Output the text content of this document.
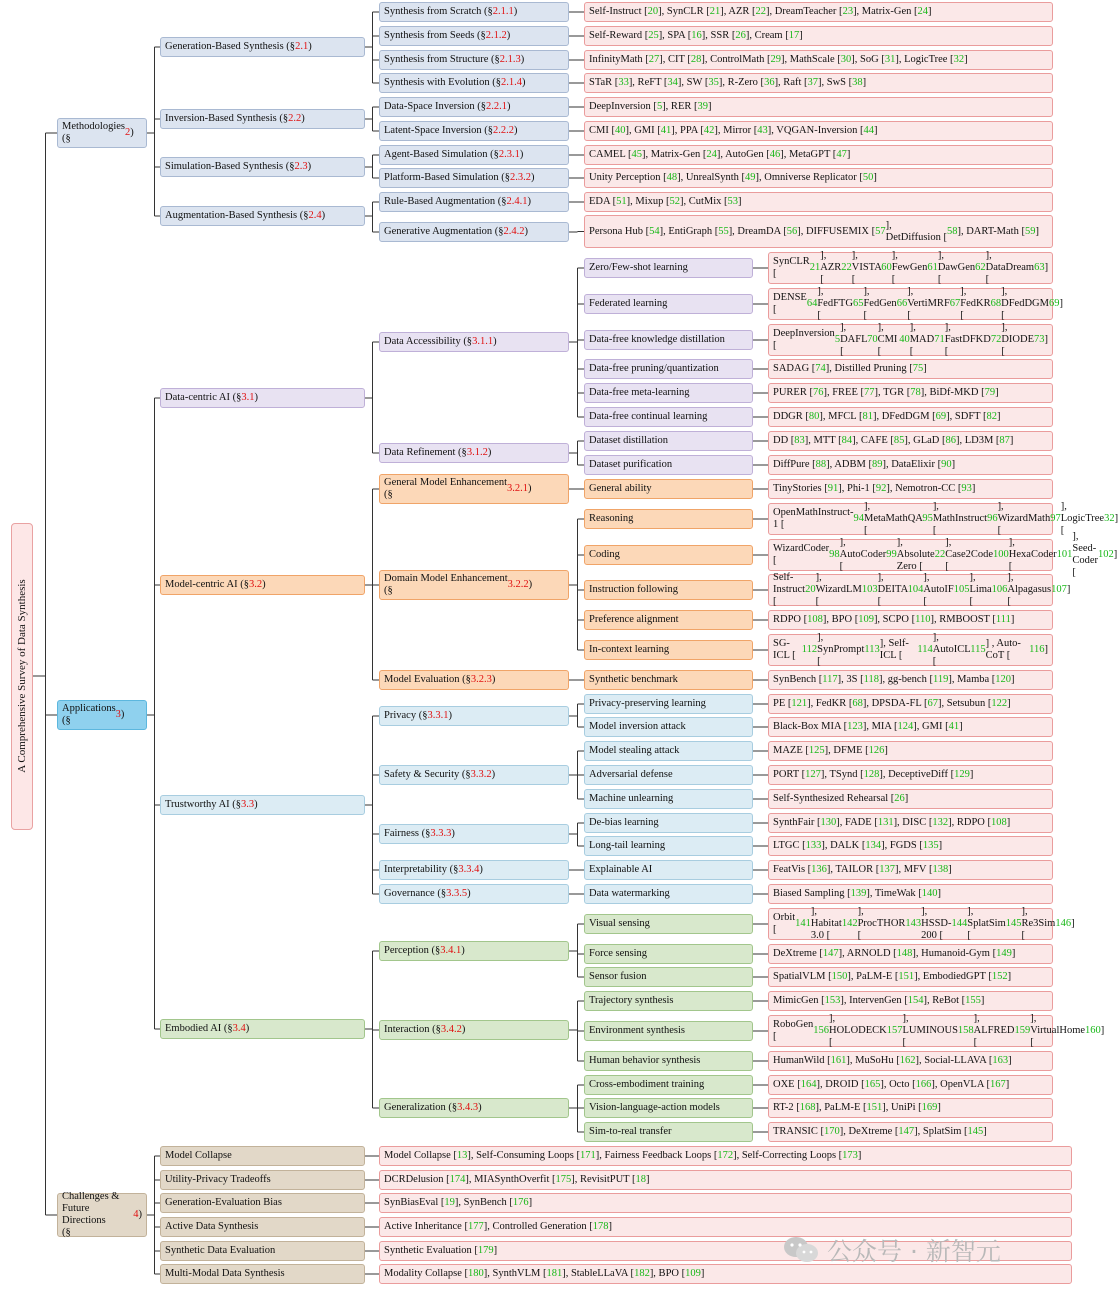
A Comprehensive Survey of Data Synthesis
Methodologies
(§
2 )
Applications
(§
3 )
Challenges &
Future Directions
(§
4 )
Generation-Based Synthesis (§ 2.1 )
Inversion-Based Synthesis (§ 2.2 )
Simulation-Based Synthesis (§ 2.3 )
Augmentation-Based Synthesis (§ 2.4 )
Synthesis from Scratch (§ 2.1.1 )
Synthesis from Seeds (§ 2.1.2 )
Synthesis from Structure (§ 2.1.3 )
Synthesis with Evolution (§ 2.1.4 )
Data-Space Inversion (§ 2.2.1 )
Latent-Space Inversion (§ 2.2.2 )
Agent-Based Simulation (§ 2.3.1 )
Platform-Based Simulation (§ 2.3.2 )
Rule-Based Augmentation (§ 2.4.1 )
Generative Augmentation (§ 2.4.2 )
Self-Instruct [ 20 ], SynCLR [ 21 ], AZR [ 22 ], DreamTeacher [ 23 ], Matrix-Gen [ 24 ]
Self-Reward [ 25 ], SPA [ 16 ], SSR [ 26 ], Cream [ 17 ]
InfinityMath [ 27 ], CIT [ 28 ], ControlMath [ 29 ], MathScale [ 30 ], SoG [ 31 ], LogicTree [ 32 ]
STaR [ 33 ], ReFT [ 34 ], SW [ 35 ], R-Zero [ 36 ], Raft [ 37 ], SwS [ 38 ]
DeepInversion [ 5 ], RER [ 39 ]
CMI [ 40 ], GMI [ 41 ], PPA [ 42 ], Mirror [ 43 ], VQGAN-Inversion [ 44 ]
CAMEL [ 45 ], Matrix-Gen [ 24 ], AutoGen [ 46 ], MetaGPT [ 47 ]
Unity Perception [ 48 ], UnrealSynth [ 49 ], Omniverse Replicator [ 50 ]
EDA [ 51 ], Mixup [ 52 ], CutMix [ 53 ]
Persona Hub [ 54 ], EntiGraph [ 55 ], DreamDA [ 56 ], DIFFUSEMIX [ 57
],
DetDiffusion [
58 ], DART-Math [ 59 ]
Data-centric AI (§ 3.1 )
Model-centric AI (§ 3.2 )
Trustworthy AI (§ 3.3 )
Embodied AI (§ 3.4 )
Data Accessibility (§ 3.1.1 )
Data Refinement (§ 3.1.2 )
Zero/Few-shot learning
Federated learning
Data-free knowledge distillation
Data-free pruning/quantization
Data-free meta-learning
Data-free continual learning
Dataset distillation
Dataset purification
SynCLR [
21
], AZR [
22
], VISTA [
60
], FewGen [
61
],
DawGen [
62
], DataDream [
63 ]
DENSE [
64
], FedFTG [
65
], FedGen [
66
], VertiMRF [
67
],
FedKR [
68
], DFedDGM [
69 ]
DeepInversion [
5
], DAFL [
70
], CMI [
40
], MAD [
71
],
FastDFKD [
72
], DIODE [
73 ]
SADAG [ 74 ], Distilled Pruning [ 75 ]
PURER [ 76 ], FREE [ 77 ], TGR [ 78 ], BiDf-MKD [ 79 ]
DDGR [ 80 ], MFCL [ 81 ], DFedDGM [ 69 ], SDFT [ 82 ]
DD [ 83 ], MTT [ 84 ], CAFE [ 85 ], GLaD [ 86 ], LD3M [ 87 ]
DiffPure [ 88 ], ADBM [ 89 ], DataElixir [ 90 ]
General Model Enhancement
(§
3.2.1 )
Domain Model Enhancement
(§
3.2.2 )
Model Evaluation (§ 3.2.3 )
General ability
Reasoning
Coding
Instruction following
Preference alignment
In-context learning
Synthetic benchmark
TinyStories [ 91 ], Phi-1 [ 92 ], Nemotron-CC [ 93 ]
OpenMathInstruct-1 [
94
], MetaMathQA [
95
],
MathInstruct [
96
], WizardMath [
97
], LogicTree [
32 ]
WizardCoder [
98
], AutoCoder [
99
], Absolute Zero [
22
],
Case2Code [
100
], HexaCoder [
101
], Seed-Coder [
102 ]
Self-Instruct [
20
], WizardLM [
103
], DEITA [
104
],
AutoIF [
105
], Lima [
106
], Alpagasus [
107 ]
RDPO [ 108 ], BPO [ 109 ], SCPO [ 110 ], RMBOOST [ 111 ]
SG-ICL [
112
], SynPrompt [
113
], Self-ICL [
114
],
AutoICL [
115
] , Auto-CoT [
116 ]
SynBench [ 117 ], 3S [ 118 ], gg-bench [ 119 ], Mamba [ 120 ]
Privacy (§ 3.3.1 )
Safety & Security (§ 3.3.2 )
Fairness (§ 3.3.3 )
Interpretability (§ 3.3.4 )
Governance (§ 3.3.5 )
Privacy-preserving learning
Model inversion attack
Model stealing attack
Adversarial defense
Machine unlearning
De-bias learning
Long-tail learning
Explainable AI
Data watermarking
PE [ 121 ], FedKR [ 68 ], DPSDA-FL [ 67 ], Setsubun [ 122 ]
Black-Box MIA [ 123 ], MIA [ 124 ], GMI [ 41 ]
MAZE [ 125 ], DFME [ 126 ]
PORT [ 127 ], TSynd [ 128 ], DeceptiveDiff [ 129 ]
Self-Synthesized Rehearsal [ 26 ]
SynthFair [ 130 ], FADE [ 131 ], DISC [ 132 ], RDPO [ 108 ]
LTGC [ 133 ], DALK [ 134 ], FGDS [ 135 ]
FeatVis [ 136 ], TAILOR [ 137 ], MFV [ 138 ]
Biased Sampling [ 139 ], TimeWak [ 140 ]
Perception (§ 3.4.1 )
Interaction (§ 3.4.2 )
Generalization (§ 3.4.3 )
Visual sensing
Force sensing
Sensor fusion
Trajectory synthesis
Environment synthesis
Human behavior synthesis
Cross-embodiment training
Vision-language-action models
Sim-to-real transfer
Orbit [
141
], Habitat 3.0 [
142
], ProcTHOR [
143
],
HSSD-200 [
144
], SplatSim [
145
], Re3Sim [
146 ]
DeXtreme [ 147 ], ARNOLD [ 148 ], Humanoid-Gym [ 149 ]
SpatialVLM [ 150 ], PaLM-E [ 151 ], EmbodiedGPT [ 152 ]
MimicGen [ 153 ], IntervenGen [ 154 ], ReBot [ 155 ]
RoboGen [
156
], HOLODECK [
157
], LUMINOUS [
158
],
ALFRED [
159
], VirtualHome [
160 ]
HumanWild [ 161 ], MuSoHu [ 162 ], Social-LLAVA [ 163 ]
OXE [ 164 ], DROID [ 165 ], Octo [ 166 ], OpenVLA [ 167 ]
RT-2 [ 168 ], PaLM-E [ 151 ], UniPi [ 169 ]
TRANSIC [ 170 ], DeXtreme [ 147 ], SplatSim [ 145 ]
Model Collapse
Utility-Privacy Tradeoffs
Generation-Evaluation Bias
Active Data Synthesis
Synthetic Data Evaluation
Multi-Modal Data Synthesis
Model Collapse [ 13 ], Self-Consuming Loops [ 171 ], Fairness Feedback Loops [ 172 ], Self-Correcting Loops [ 173 ]
DCRDelusion [ 174 ], MIASynthOverfit [ 175 ], RevisitPUT [ 18 ]
SynBiasEval [ 19 ], SynBench [ 176 ]
Active Inheritance [ 177 ], Controlled Generation [ 178 ]
Synthetic Evaluation [ 179 ]
Modality Collapse [ 180 ], SynthVLM [ 181 ], StableLLaVA [ 182 ], BPO [ 109 ]
公众号 · 新智元
